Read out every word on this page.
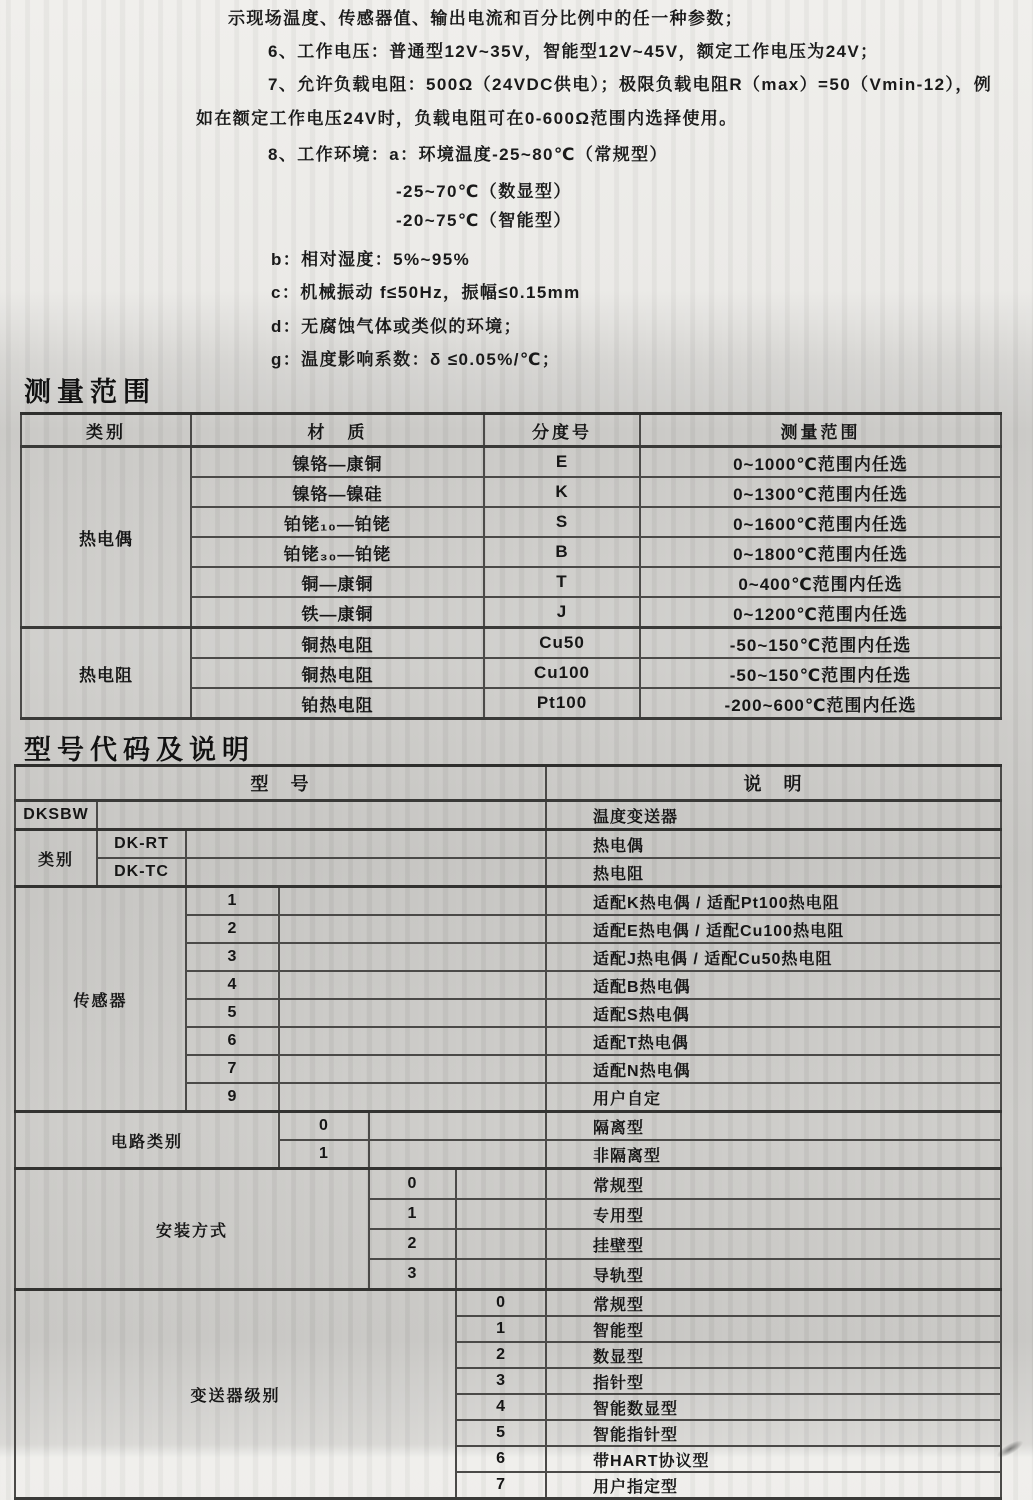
示现场温度、传感器值、输出电流和百分比例中的任一种参数；
6、工作电压：普通型12V~35V，智能型12V~45V，额定工作电压为24V；
7、允许负载电阻：500Ω（24VDC供电）；极限负载电阻R（max）=50（Vmin-12），例
如在额定工作电压24V时，负载电阻可在0-600Ω范围内选择使用。
8、工作环境：a：环境温度-25~80℃（常规型）
-25~70℃（数显型）
-20~75℃（智能型）
b：相对湿度：5%~95%
c：机械振动 f≤50Hz，振幅≤0.15mm
d：无腐蚀气体或类似的环境；
g：温度影响系数：δ ≤0.05%/℃；
测量范围
类别	材　质	分度号	测量范围
热电偶	镍铬—康铜	E	0~1000℃范围内任选
	镍铬—镍硅	K	0~1300℃范围内任选
	铂铑₁₀—铂铑	S	0~1600℃范围内任选
	铂铑₃₀—铂铑	B	0~1800℃范围内任选
	铜—康铜	T	0~400℃范围内任选
	铁—康铜	J	0~1200℃范围内任选
热电阻	铜热电阻	Cu50	-50~150℃范围内任选
	铜热电阻	Cu100	-50~150℃范围内任选
	铂热电阻	Pt100	-200~600℃范围内任选
型号代码及说明
型　号						说　明
DKSBW						温度变送器
类别	DK-RT					热电偶
	DK-TC					热电阻
传感器		1				适配K热电偶 / 适配Pt100热电阻
		2				适配E热电偶 / 适配Cu100热电阻
		3				适配J热电偶 / 适配Cu50热电阻
		4				适配B热电偶
		5				适配S热电偶
		6				适配T热电偶
		7				适配N热电偶
		9				用户自定
电路类别			0			隔离型
			1			非隔离型
安装方式				0		常规型
				1		专用型
				2		挂壁型
				3		导轨型
变送器级别					0	常规型
					1	智能型
					2	数显型
					3	指针型
					4	智能数显型
					5	智能指针型
					6	带HART协议型
					7	用户指定型
